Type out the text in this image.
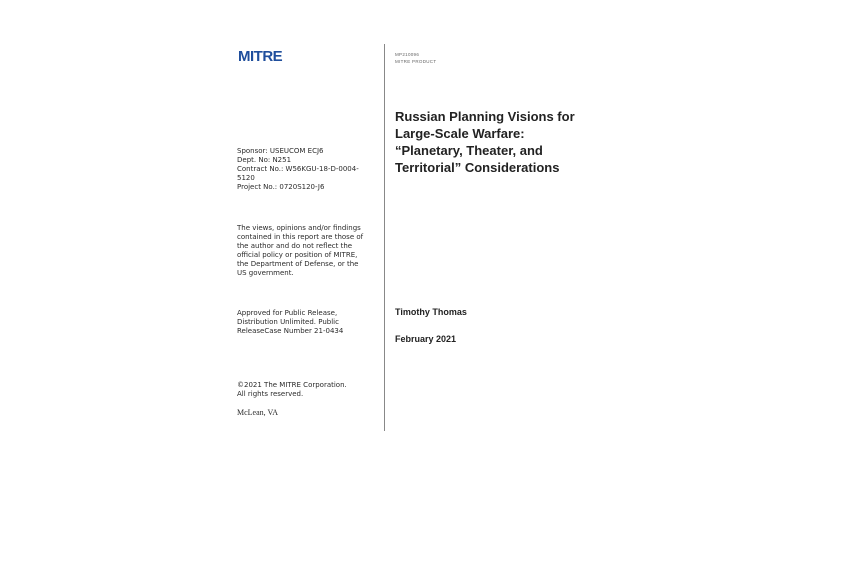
MITRE	MP210096
MITRE PRODUCT
Sponsor: USEUCOM ECJ6
Dept. No: N251
Contract No.: W56KGU-18-D-0004-
5120
Project No.: 0720S120-J6
The views, opinions and/or findings
contained in this report are those of
the author and do not reflect the
official policy or position of MITRE,
the Department of Defense, or the
US government.
Approved for Public Release,
Distribution Unlimited. Public
ReleaseCase Number 21-0434
©2021 The MITRE Corporation.
All rights reserved.
McLean, VA
Russian Planning Visions for
Large-Scale Warfare:
“Planetary, Theater, and
Territorial” Considerations
Timothy Thomas
February 2021
